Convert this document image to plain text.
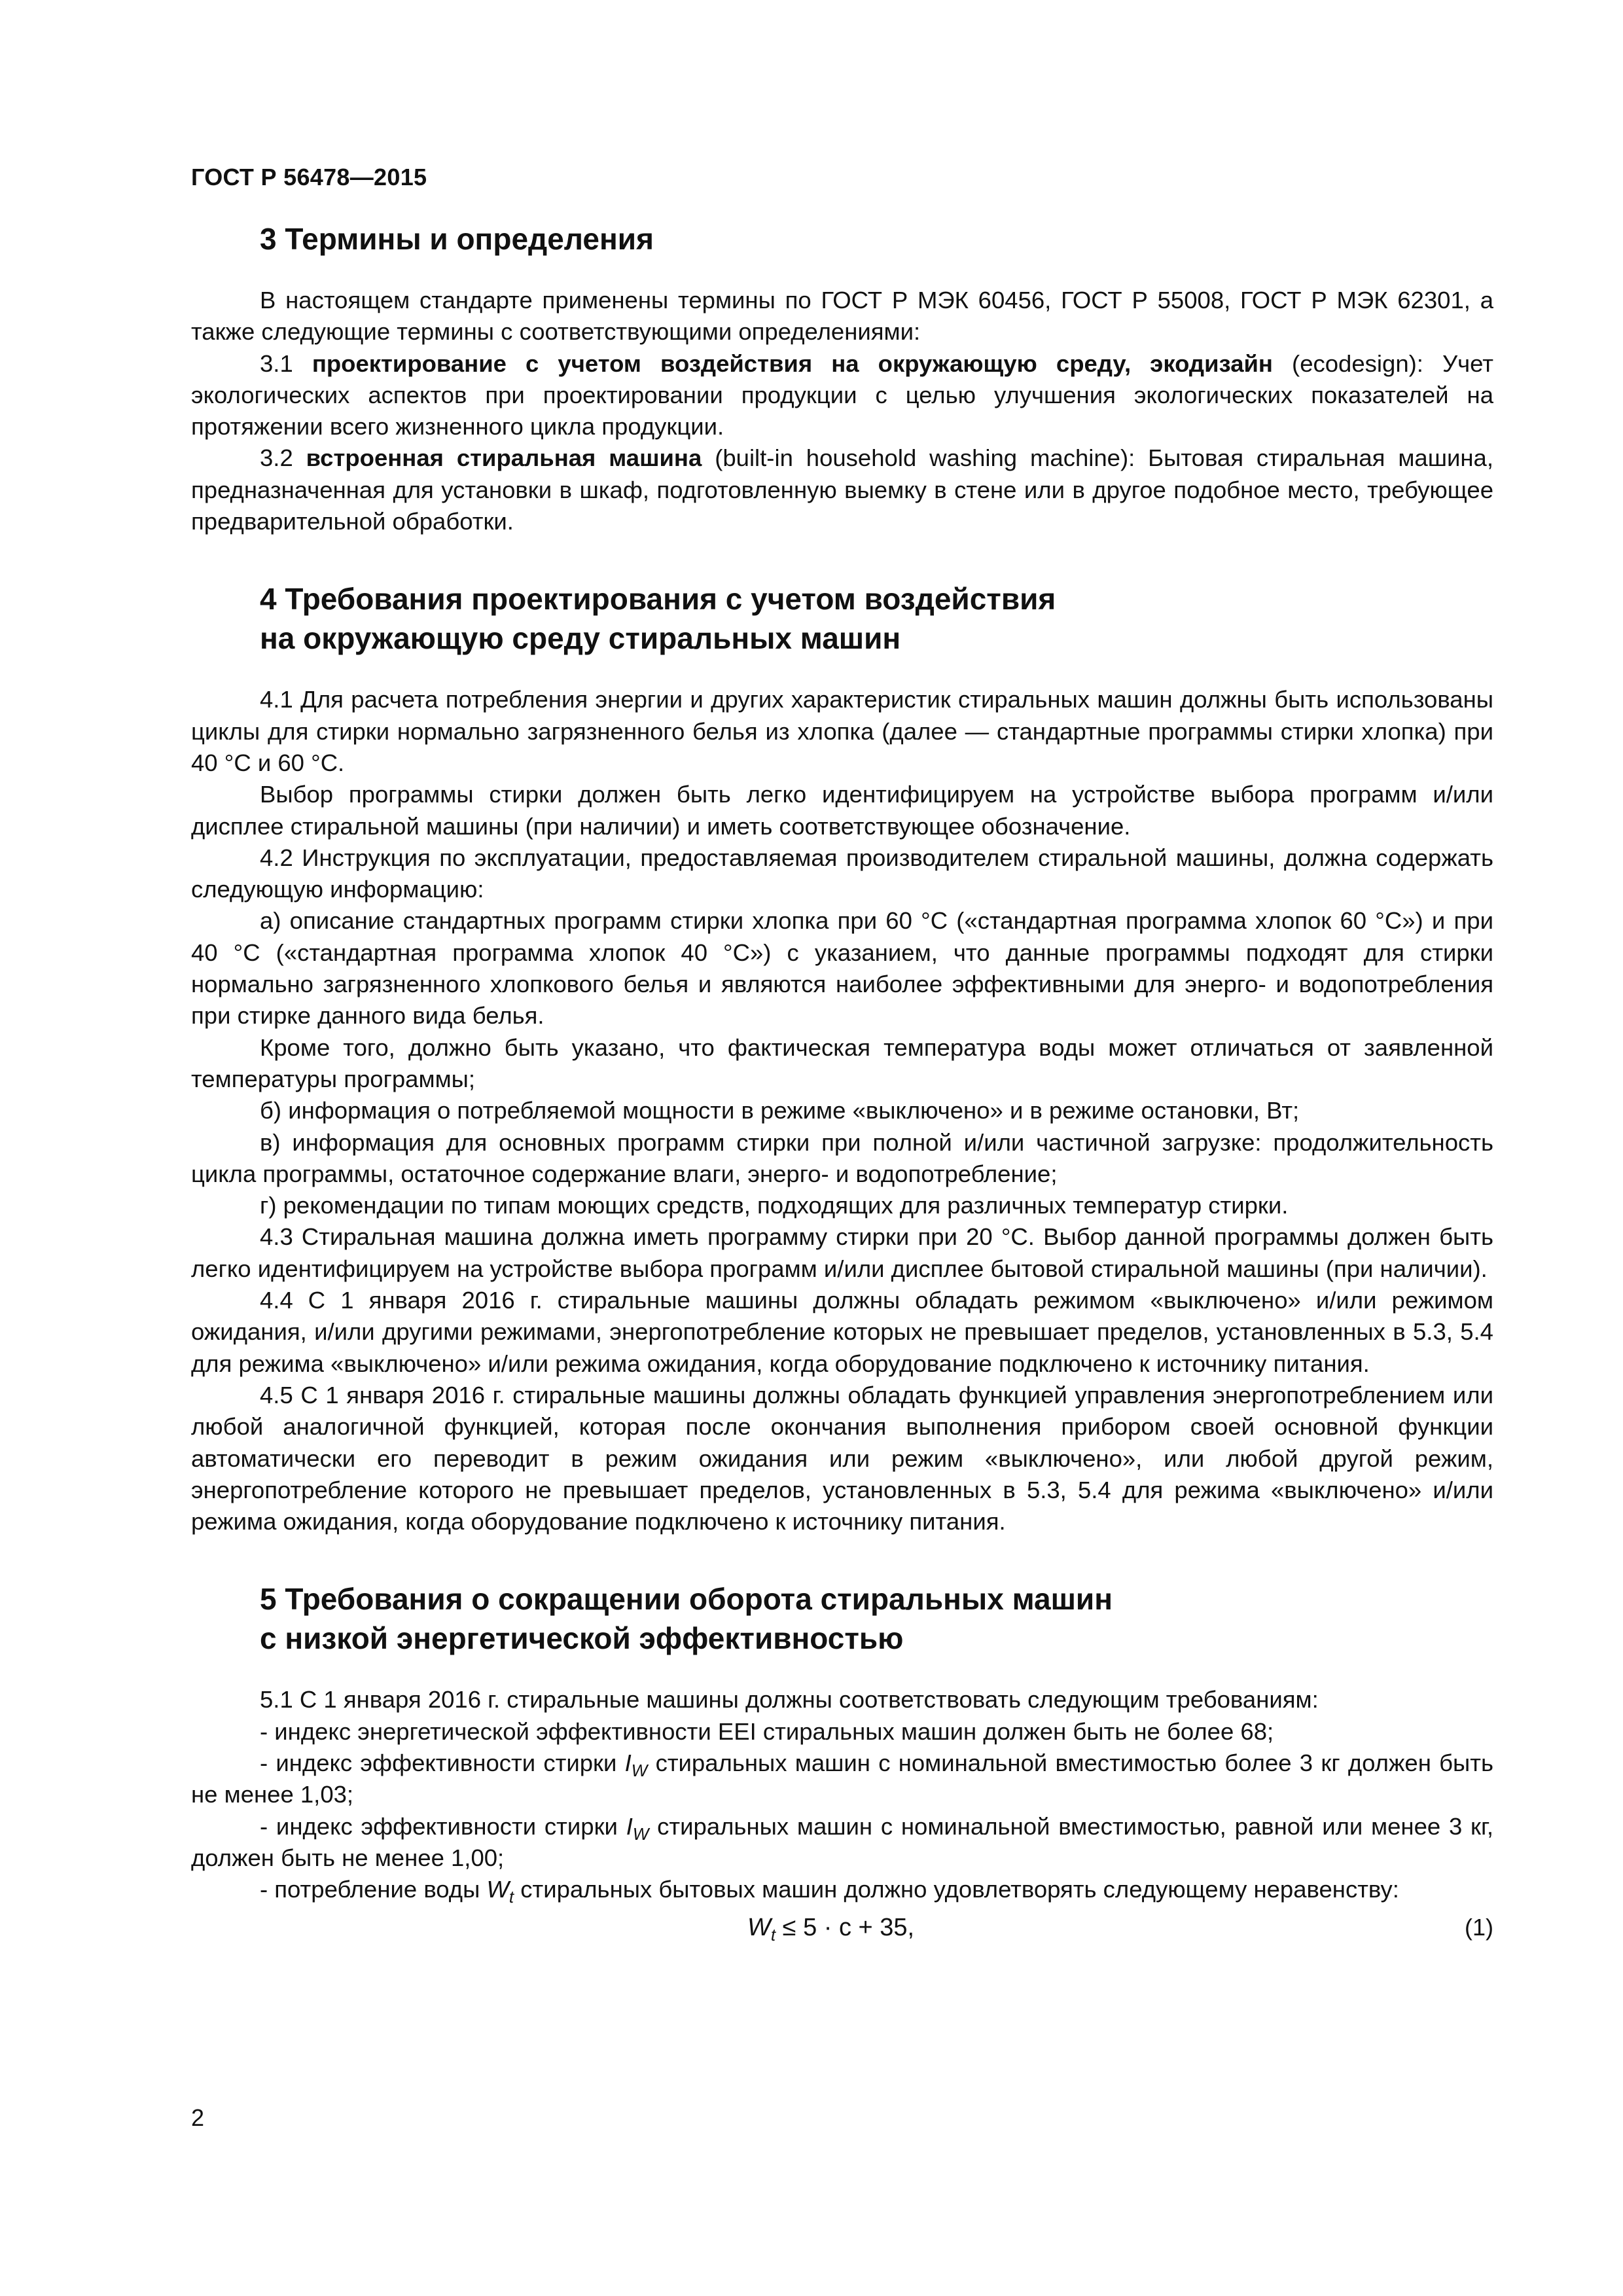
ГОСТ Р 56478—2015
3 Термины и определения

В настоящем стандарте применены термины по ГОСТ Р МЭК 60456, ГОСТ Р 55008, ГОСТ Р МЭК 62301, а также следующие термины с соответствующими определениями:

3.1 проектирование с учетом воздействия на окружающую среду, экодизайн (ecodesign): Учет экологических аспектов при проектировании продукции с целью улучшения экологических показателей на протяжении всего жизненного цикла продукции.

3.2 встроенная стиральная машина (built-in household washing machine): Бытовая стиральная машина, предназначенная для установки в шкаф, подготовленную выемку в стене или в другое подобное место, требующее предварительной обработки.

4 Требования проектирования с учетом воздействия
на окружающую среду стиральных машин

4.1 Для расчета потребления энергии и других характеристик стиральных машин должны быть использованы циклы для стирки нормально загрязненного белья из хлопка (далее — стандартные программы стирки хлопка) при 40 °С и 60 °С.

Выбор программы стирки должен быть легко идентифицируем на устройстве выбора программ и/или дисплее стиральной машины (при наличии) и иметь соответствующее обозначение.

4.2 Инструкция по эксплуатации, предоставляемая производителем стиральной машины, должна содержать следующую информацию:

а) описание стандартных программ стирки хлопка при 60 °С («стандартная программа хлопок 60 °С») и при 40 °С («стандартная программа хлопок 40 °С») с указанием, что данные программы подходят для стирки нормально загрязненного хлопкового белья и являются наиболее эффективными для энерго- и водопотребления при стирке данного вида белья.

Кроме того, должно быть указано, что фактическая температура воды может отличаться от заявленной температуры программы;

б) информация о потребляемой мощности в режиме «выключено» и в режиме остановки, Вт;

в) информация для основных программ стирки при полной и/или частичной загрузке: продолжительность цикла программы, остаточное содержание влаги, энерго- и водопотребление;

г) рекомендации по типам моющих средств, подходящих для различных температур стирки.

4.3 Стиральная машина должна иметь программу стирки при 20 °С. Выбор данной программы должен быть легко идентифицируем на устройстве выбора программ и/или дисплее бытовой стиральной машины (при наличии).

4.4 С 1 января 2016 г. стиральные машины должны обладать режимом «выключено» и/или режимом ожидания, и/или другими режимами, энергопотребление которых не превышает пределов, установленных в 5.3, 5.4 для режима «выключено» и/или режима ожидания, когда оборудование подключено к источнику питания.

4.5 С 1 января 2016 г. стиральные машины должны обладать функцией управления энергопотреблением или любой аналогичной функцией, которая после окончания выполнения прибором своей основной функции автоматически его переводит в режим ожидания или режим «выключено», или любой другой режим, энергопотребление которого не превышает пределов, установленных в 5.3, 5.4 для режима «выключено» и/или режима ожидания, когда оборудование подключено к источнику питания.

5 Требования о сокращении оборота стиральных машин
с низкой энергетической эффективностью

5.1 С 1 января 2016 г. стиральные машины должны соответствовать следующим требованиям:

- индекс энергетической эффективности EEI стиральных машин должен быть не более 68;

- индекс эффективности стирки $I_W$ стиральных машин с номинальной вместимостью более 3 кг должен быть не менее 1,03;

- индекс эффективности стирки $I_W$ стиральных машин с номинальной вместимостью, равной или менее 3 кг, должен быть не менее 1,00;

- потребление воды $W_t$ стиральных бытовых машин должно удовлетворять следующему неравенству:

$W_t \le 5 \cdot c + 35$,	(1)
2
